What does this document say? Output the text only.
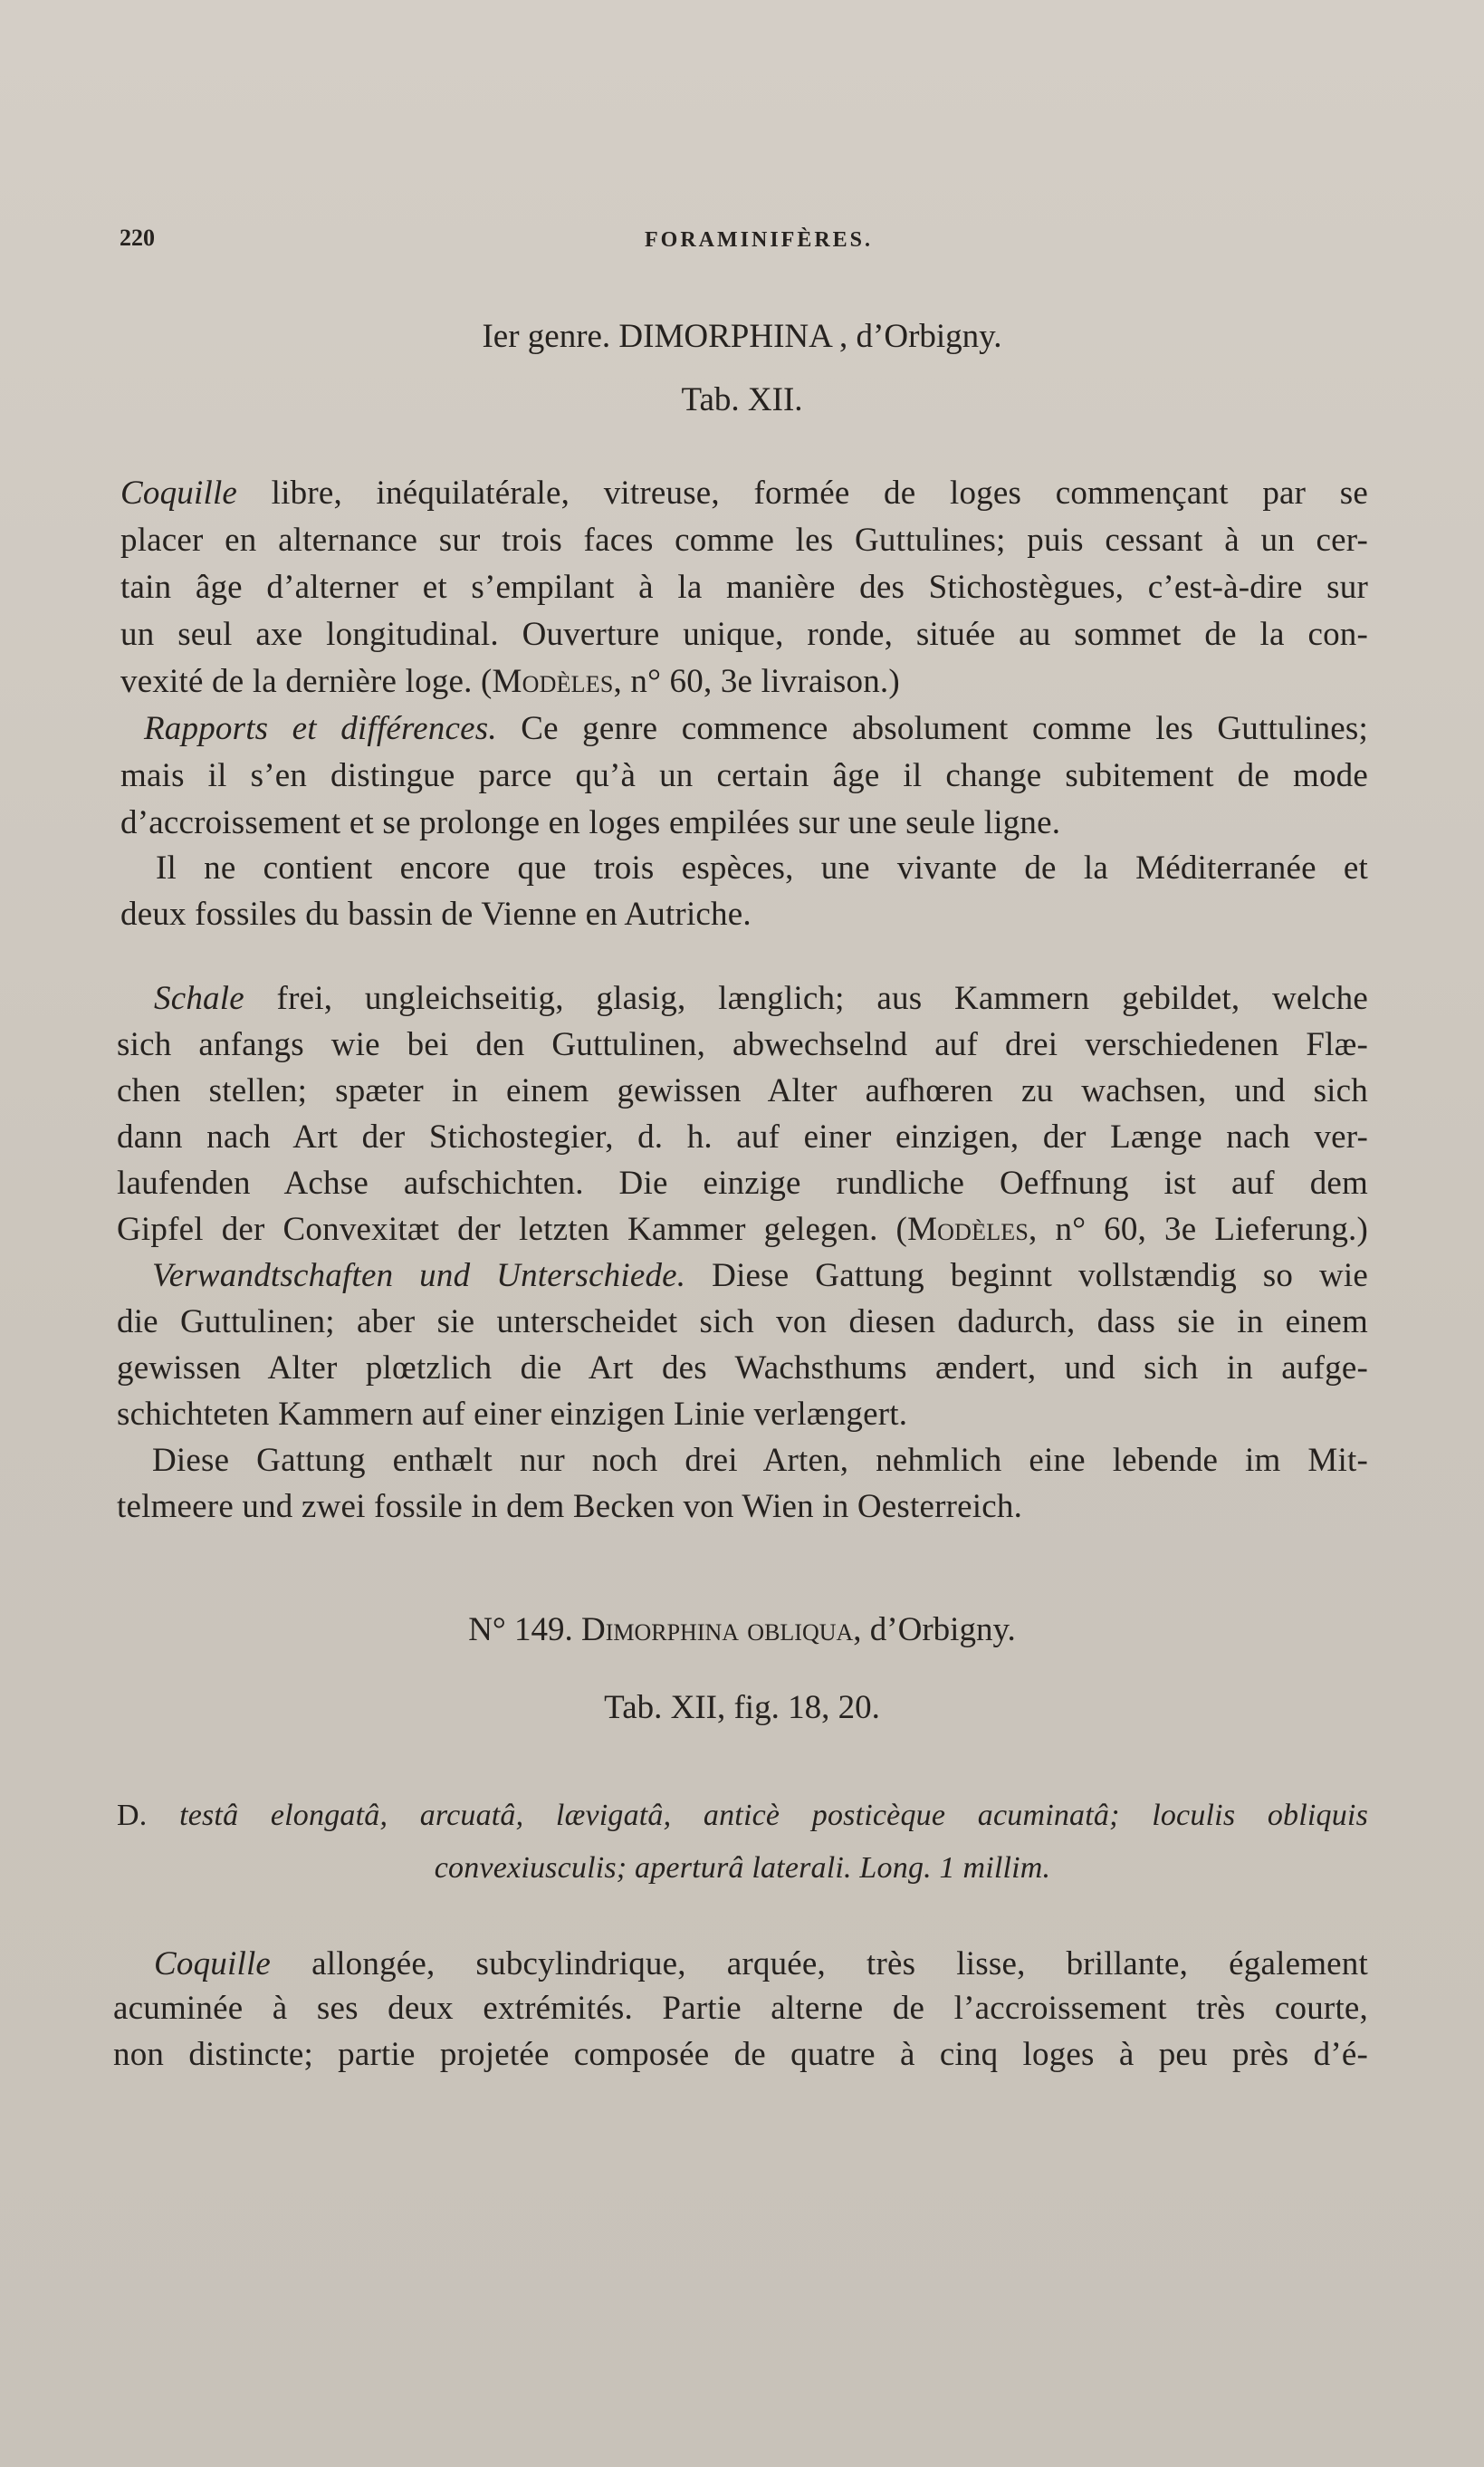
220	FORAMINIFÈRES.
Ier genre. DIMORPHINA , d’Orbigny.
Tab. XII.
Coquille libre, inéquilatérale, vitreuse, formée de loges commençant par se
placer en alternance sur trois faces comme les Guttulines; puis cessant à un cer-
tain âge d’alterner et s’empilant à la manière des Stichostègues, c’est-à-dire sur
un seul axe longitudinal. Ouverture unique, ronde, située au sommet de la con-
vexité de la dernière loge. (Modèles, n° 60, 3e livraison.)
Rapports et différences. Ce genre commence absolument comme les Guttulines;
mais il s’en distingue parce qu’à un certain âge il change subitement de mode
d’accroissement et se prolonge en loges empilées sur une seule ligne.
Il ne contient encore que trois espèces, une vivante de la Méditerranée et
deux fossiles du bassin de Vienne en Autriche.
Schale frei, ungleichseitig, glasig, længlich; aus Kammern gebildet, welche
sich anfangs wie bei den Guttulinen, abwechselnd auf drei verschiedenen Flæ-
chen stellen; spæter in einem gewissen Alter aufhœren zu wachsen, und sich
dann nach Art der Stichostegier, d. h. auf einer einzigen, der Længe nach ver-
laufenden Achse aufschichten. Die einzige rundliche Oeffnung ist auf dem
Gipfel der Convexitæt der letzten Kammer gelegen. (Modèles, n° 60, 3e Lieferung.)
Verwandtschaften und Unterschiede. Diese Gattung beginnt vollstændig so wie
die Guttulinen; aber sie unterscheidet sich von diesen dadurch, dass sie in einem
gewissen Alter plœtzlich die Art des Wachsthums ændert, und sich in aufge-
schichteten Kammern auf einer einzigen Linie verlængert.
Diese Gattung enthælt nur noch drei Arten, nehmlich eine lebende im Mit-
telmeere und zwei fossile in dem Becken von Wien in Oesterreich.
N° 149. Dimorphina obliqua, d’Orbigny.
Tab. XII, fig. 18, 20.
D. testâ elongatâ, arcuatâ, lævigatâ, anticè posticèque acuminatâ; loculis obliquis
convexiusculis; aperturâ laterali. Long. 1 millim.
Coquille allongée, subcylindrique, arquée, très lisse, brillante, également
acuminée à ses deux extrémités. Partie alterne de l’accroissement très courte,
non distincte; partie projetée composée de quatre à cinq loges à peu près d’é-
